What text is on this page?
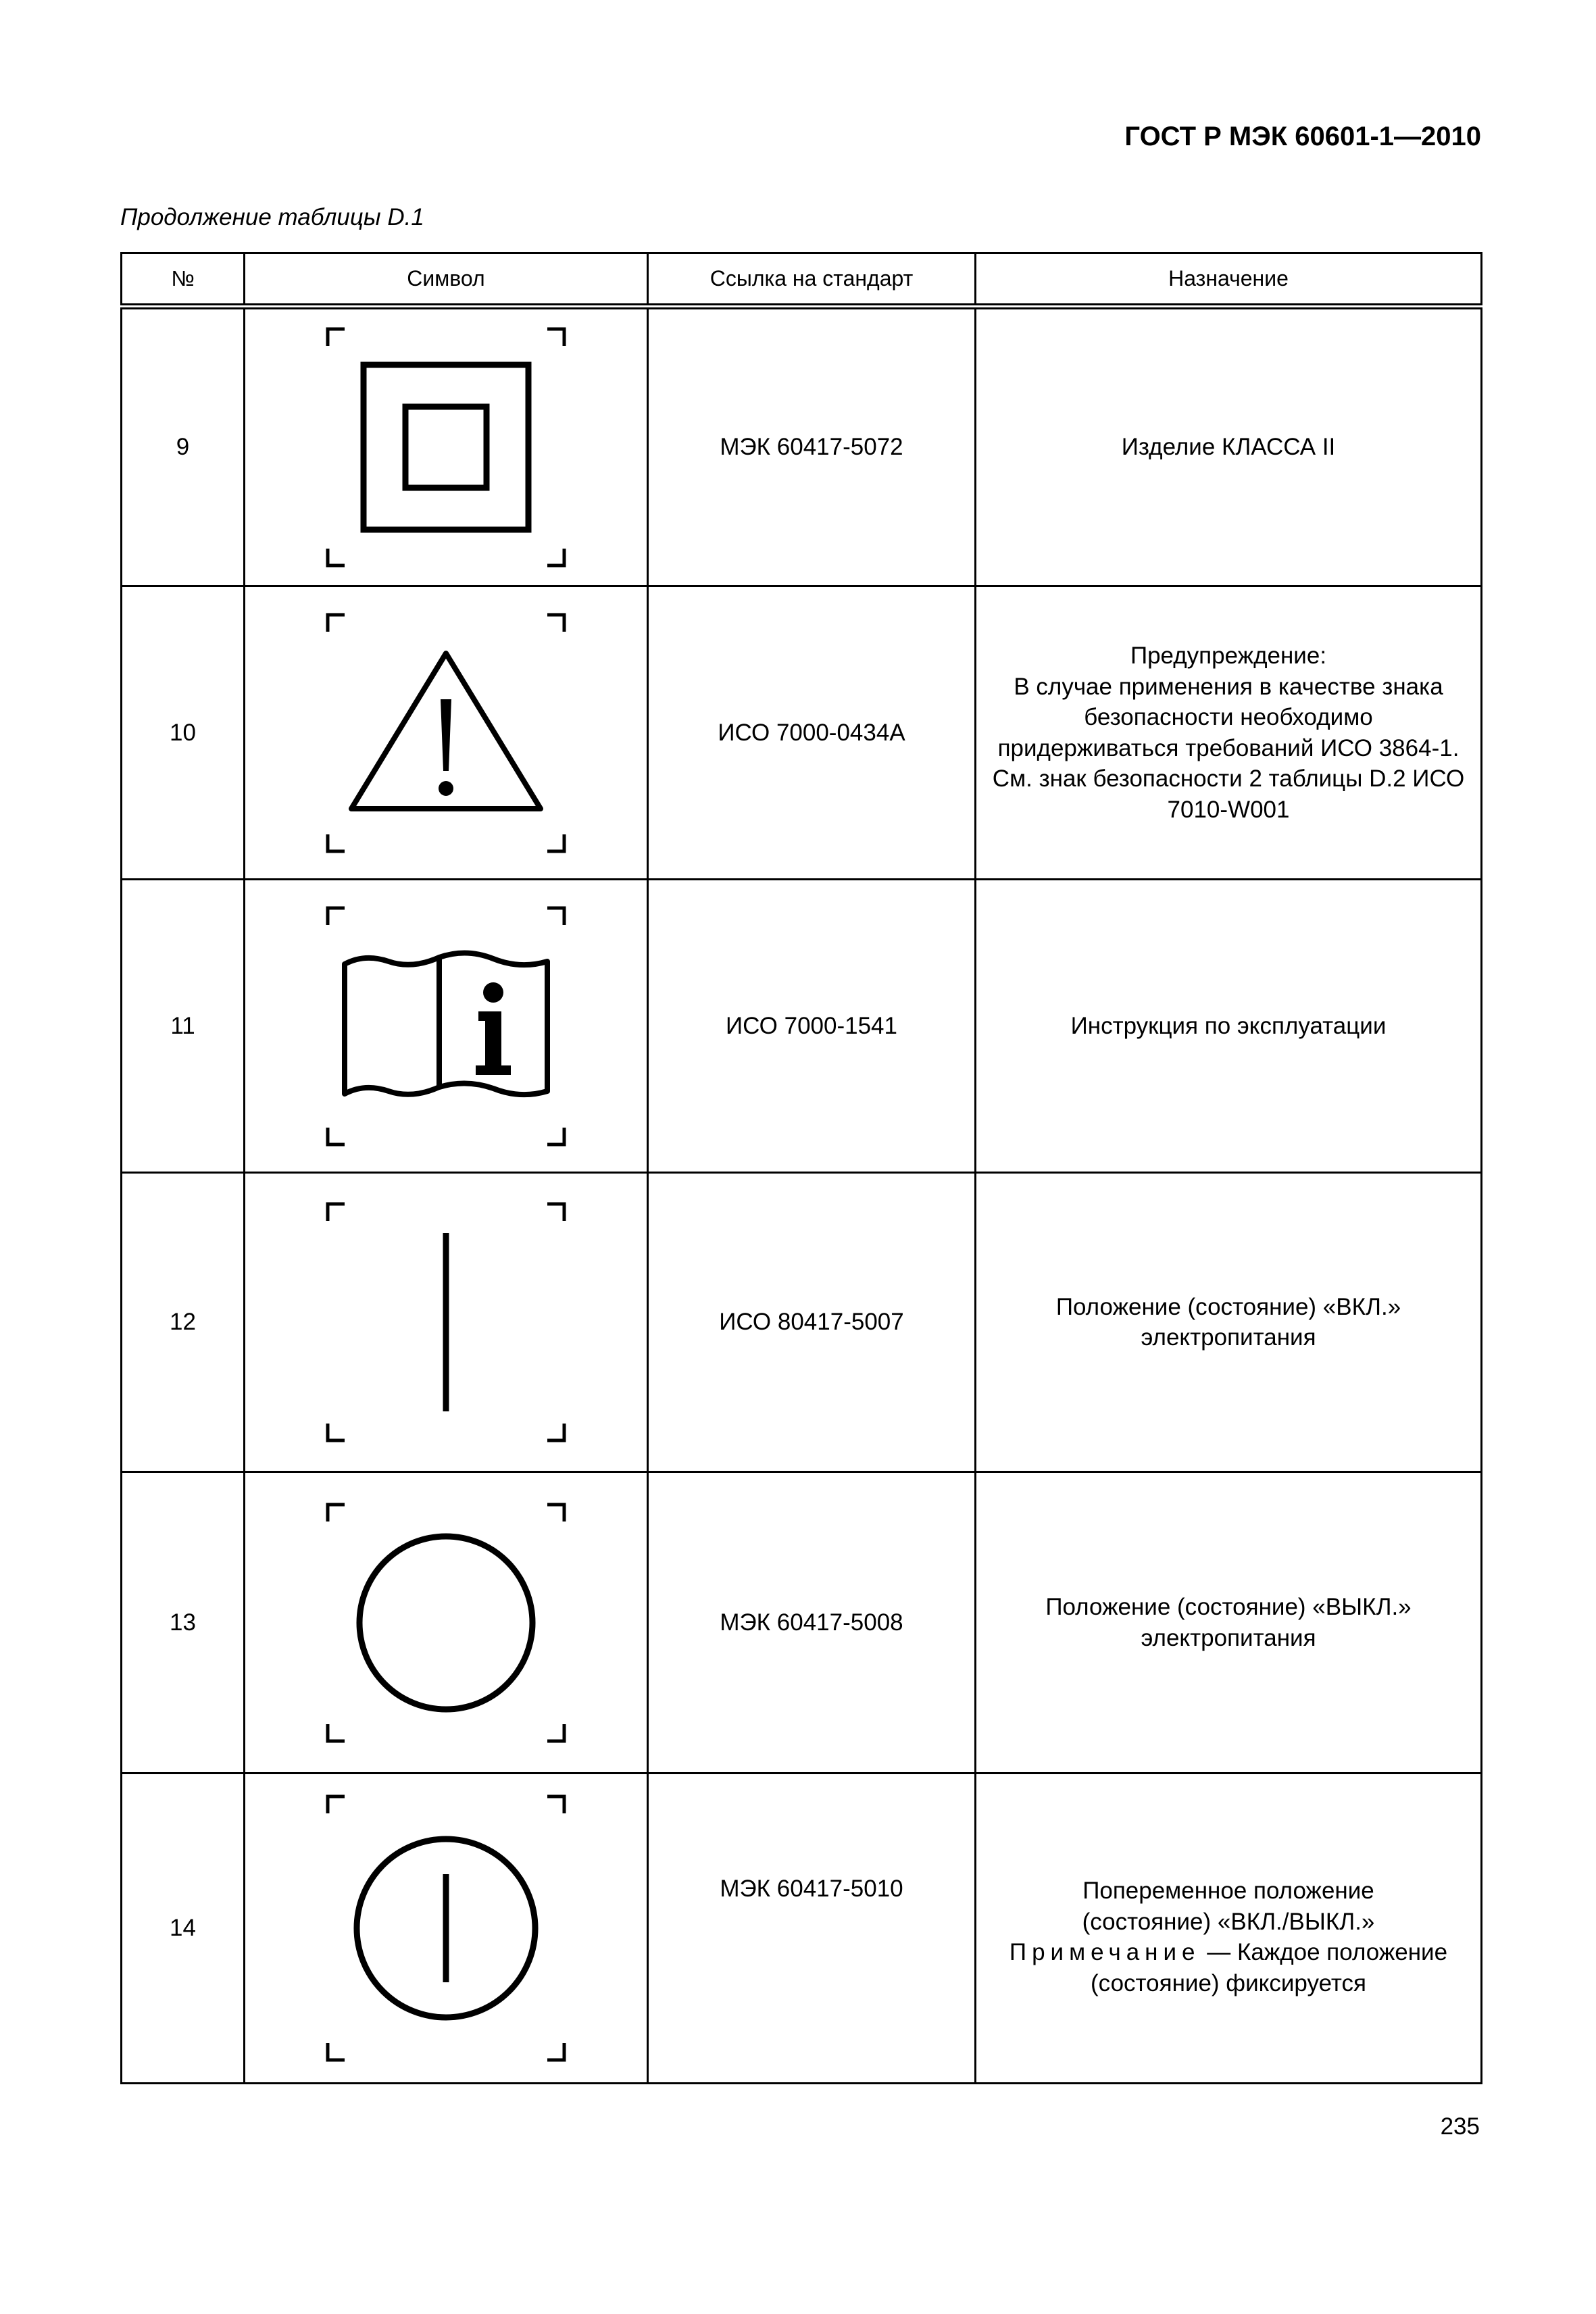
ГОСТ Р МЭК 60601-1—2010
Продолжение таблицы D.1
№	Символ	Ссылка на стандарт	Назначение
9		МЭК 60417-5072	Изделие КЛАССА II
10		ИСО 7000-0434А	Предупреждение:
В случае применения в качестве знака безопасности необходимо придерживаться требований ИСО 3864-1. См. знак безопасности 2 таблицы D.2 ИСО 7010-W001
11		ИСО 7000-1541	Инструкция по эксплуатации
12		ИСО 80417-5007	Положение (состояние) «ВКЛ.»
электропитания

13		МЭК 60417-5008	Положение (состояние) «ВЫКЛ.»
электропитания

14		МЭК 60417-5010	Попеременное положение
(состояние) «ВКЛ./ВЫКЛ.»
Примечание — Каждое положение (состояние) фиксируется
235
